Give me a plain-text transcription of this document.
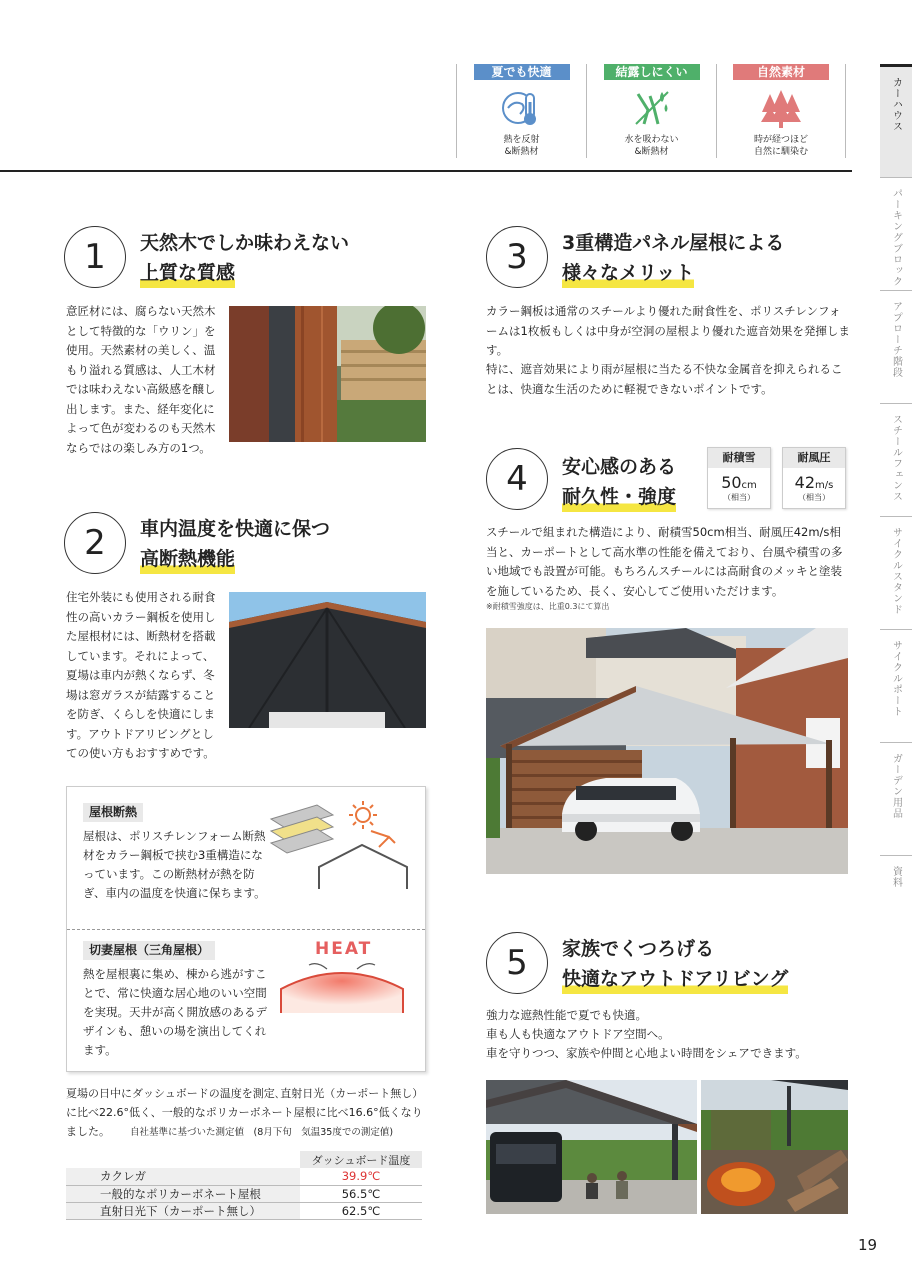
夏でも快適
熱を反射
&断熱材
結露しにくい
水を吸わない
&断熱材
自然素材
時が経つほど
自然に馴染む
カーハウス
パーキングブロック
アプローチ階段
スチールフェンス
サイクルスタンド
サイクルポート
ガーデン用品
資料
1	天然木でしか味わえない
上質な質感
意匠材には、腐らない天然木として特徴的な「ウリン」を使用。天然素材の美しく、温もり溢れる質感は、人工木材では味わえない高級感を醸し出します。また、経年変化によって色が変わるのも天然木ならではの楽しみ方の1つ。
2	車内温度を快適に保つ
高断熱機能
住宅外装にも使用される耐食性の高いカラー鋼板を使用した屋根材には、断熱材を搭載しています。それによって、夏場は車内が熱くならず、冬場は窓ガラスが結露することを防ぎ、くらしを快適にします。アウトドアリビングとしての使い方もおすすめです。
屋根断熱
屋根は、ポリスチレンフォーム断熱材をカラー鋼板で挟む3重構造になっています。この断熱材が熱を防ぎ、車内の温度を快適に保ちます。
切妻屋根（三角屋根）
熱を屋根裏に集め、棟から逃がすことで、常に快適な居心地のいい空間を実現。天井が高く開放感のあるデザインも、憩いの場を演出してくれます。
HEAT
夏場の日中にダッシュボードの温度を測定､直射日光（カーポート無し）に比べ22.6°低く、一般的なポリカーボネート屋根に比べ16.6°低くなりました。 自社基準に基づいた測定値　(8月下旬　気温35度での測定値)
	ダッシュボード温度
カクレガ	39.9℃
一般的なポリカーボネート屋根	56.5℃
直射日光下（カーポート無し）	62.5℃
3	3重構造パネル屋根による
様々なメリット
カラー鋼板は通常のスチールより優れた耐食性を、ポリスチレンフォームは1枚板もしくは中身が空洞の屋根より優れた遮音効果を発揮します。
特に、遮音効果により雨が屋根に当たる不快な金属音を抑えられることは、快適な生活のために軽視できないポイントです。
4	安心感のある
耐久性・強度
耐積雪
50cm
（相当）
耐風圧
42m/s
（相当）
スチールで組まれた構造により、耐積雪50cm相当、耐風圧42m/s相当と、カーポートとして高水準の性能を備えており、台風や積雪の多い地域でも設置が可能。もちろんスチールには高耐食のメッキと塗装を施しているため、長く、安心してご使用いただけます。
※耐積雪強度は、比重0.3にて算出
5	家族でくつろげる
快適なアウトドアリビング
強力な遮熱性能で夏でも快適。
車も人も快適なアウトドア空間へ。
車を守りつつ、家族や仲間と心地よい時間をシェアできます。
19
